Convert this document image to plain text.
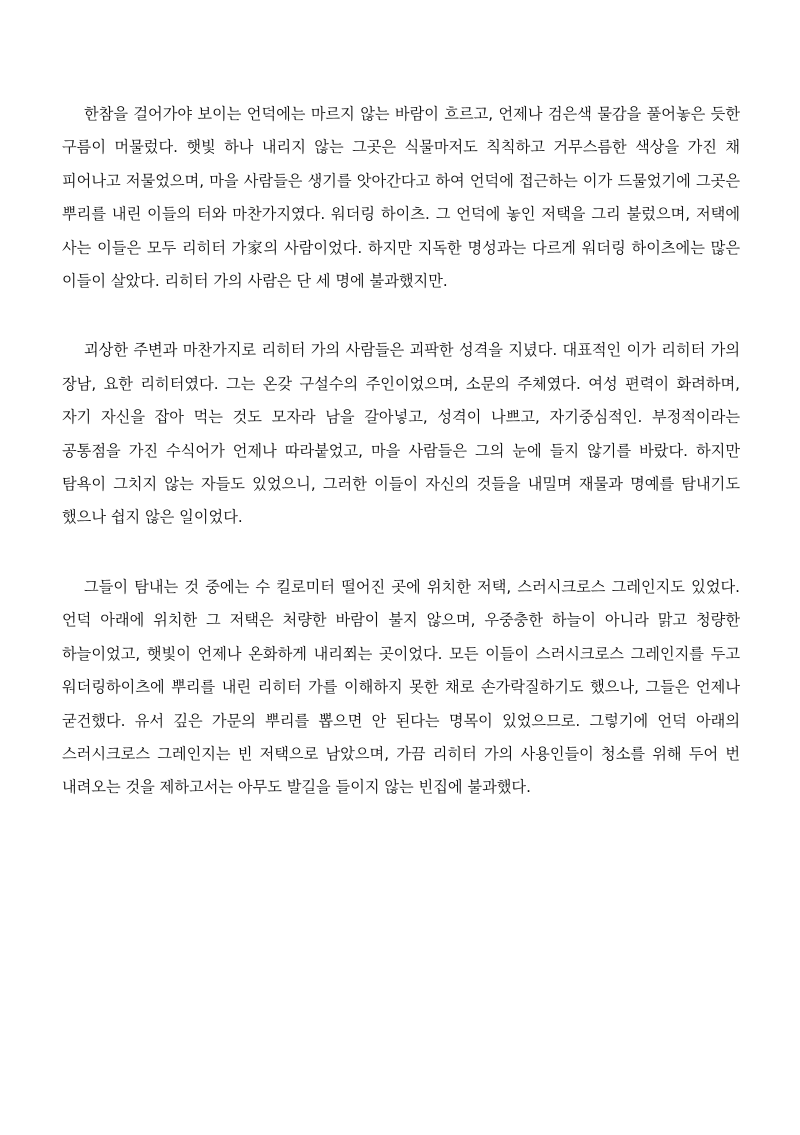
한참을 걸어가야 보이는 언덕에는 마르지 않는 바람이 흐르고, 언제나 검은색 물감을 풀어놓은 듯한 구름이 머물렀다. 햇빛 하나 내리지 않는 그곳은 식물마저도 칙칙하고 거무스름한 색상을 가진 채 피어나고 저물었으며, 마을 사람들은 생기를 앗아간다고 하여 언덕에 접근하는 이가 드물었기에 그곳은 뿌리를 내린 이들의 터와 마찬가지였다. 워더링 하이츠. 그 언덕에 놓인 저택을 그리 불렀으며, 저택에 사는 이들은 모두 리히터 가家의 사람이었다. 하지만 지독한 명성과는 다르게 워더링 하이츠에는 많은 이들이 살았다. 리히터 가의 사람은 단 세 명에 불과했지만.

괴상한 주변과 마찬가지로 리히터 가의 사람들은 괴팍한 성격을 지녔다. 대표적인 이가 리히터 가의 장남, 요한 리히터였다. 그는 온갖 구설수의 주인이었으며, 소문의 주체였다. 여성 편력이 화려하며, 자기 자신을 잡아 먹는 것도 모자라 남을 갈아넣고, 성격이 나쁘고, 자기중심적인. 부정적이라는 공통점을 가진 수식어가 언제나 따라붙었고, 마을 사람들은 그의 눈에 들지 않기를 바랐다. 하지만 탐욕이 그치지 않는 자들도 있었으니, 그러한 이들이 자신의 것들을 내밀며 재물과 명예를 탐내기도 했으나 쉽지 않은 일이었다.

그들이 탐내는 것 중에는 수 킬로미터 떨어진 곳에 위치한 저택, 스러시크로스 그레인지도 있었다. 언덕 아래에 위치한 그 저택은 처량한 바람이 불지 않으며, 우중충한 하늘이 아니라 맑고 청량한 하늘이었고, 햇빛이 언제나 온화하게 내리쬐는 곳이었다. 모든 이들이 스러시크로스 그레인지를 두고 워더링하이츠에 뿌리를 내린 리히터 가를 이해하지 못한 채로 손가락질하기도 했으나, 그들은 언제나 굳건했다. 유서 깊은 가문의 뿌리를 뽑으면 안 된다는 명목이 있었으므로. 그렇기에 언덕 아래의 스러시크로스 그레인지는 빈 저택으로 남았으며, 가끔 리히터 가의 사용인들이 청소를 위해 두어 번 내려오는 것을 제하고서는 아무도 발길을 들이지 않는 빈집에 불과했다.
